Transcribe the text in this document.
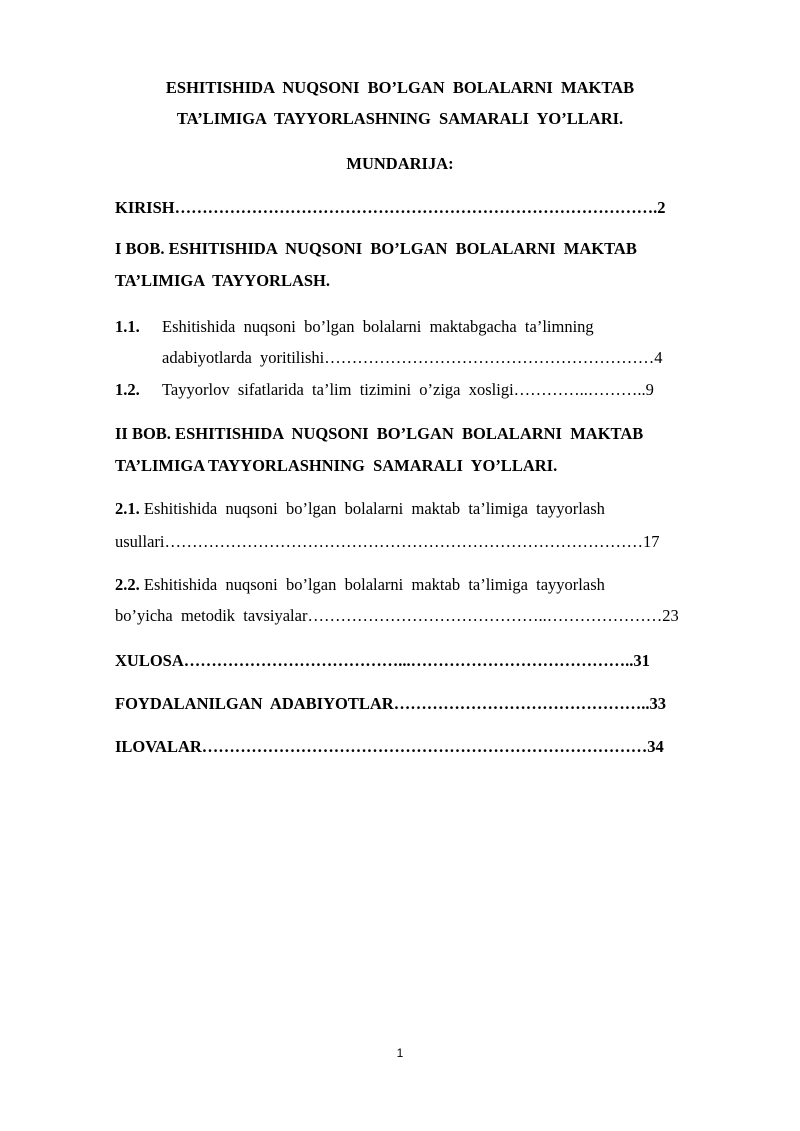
ESHITISHIDA  NUQSONI  BO’LGAN  BOLALARNI  MAKTAB
TA’LIMIGA  TAYYORLASHNING  SAMARALI  YO’LLARI.
MUNDARIJA:
KIRISH…………………………………………………………………………….2
I BOB. ESHITISHIDA  NUQSONI  BO’LGAN  BOLALARNI  MAKTAB
TA’LIMIGA  TAYYORLASH.
1.1. Eshitishida  nuqsoni  bo’lgan  bolalarni  maktabgacha  ta’limning
adabiyotlarda  yoritilishi……………………………………………………4
1.2. Tayyorlov  sifatlarida  ta’lim  tizimini  o’ziga  xosligi…………..………..9
II BOB. ESHITISHIDA  NUQSONI  BO’LGAN  BOLALARNI  MAKTAB
TA’LIMIGA TAYYORLASHNING  SAMARALI  YO’LLARI.
2.1. Eshitishida  nuqsoni  bo’lgan  bolalarni  maktab  ta’limiga  tayyorlash
usullari……………………………………………………………………………17
2.2. Eshitishida  nuqsoni  bo’lgan  bolalarni  maktab  ta’limiga  tayyorlash
bo’yicha  metodik  tavsiyalar……………………………………..…………………23
XULOSA…………………………………...…………………………………..31
FOYDALANILGAN  ADABIYOTLAR………………………………………..33
ILOVALAR………………………………………………………………………34
1
